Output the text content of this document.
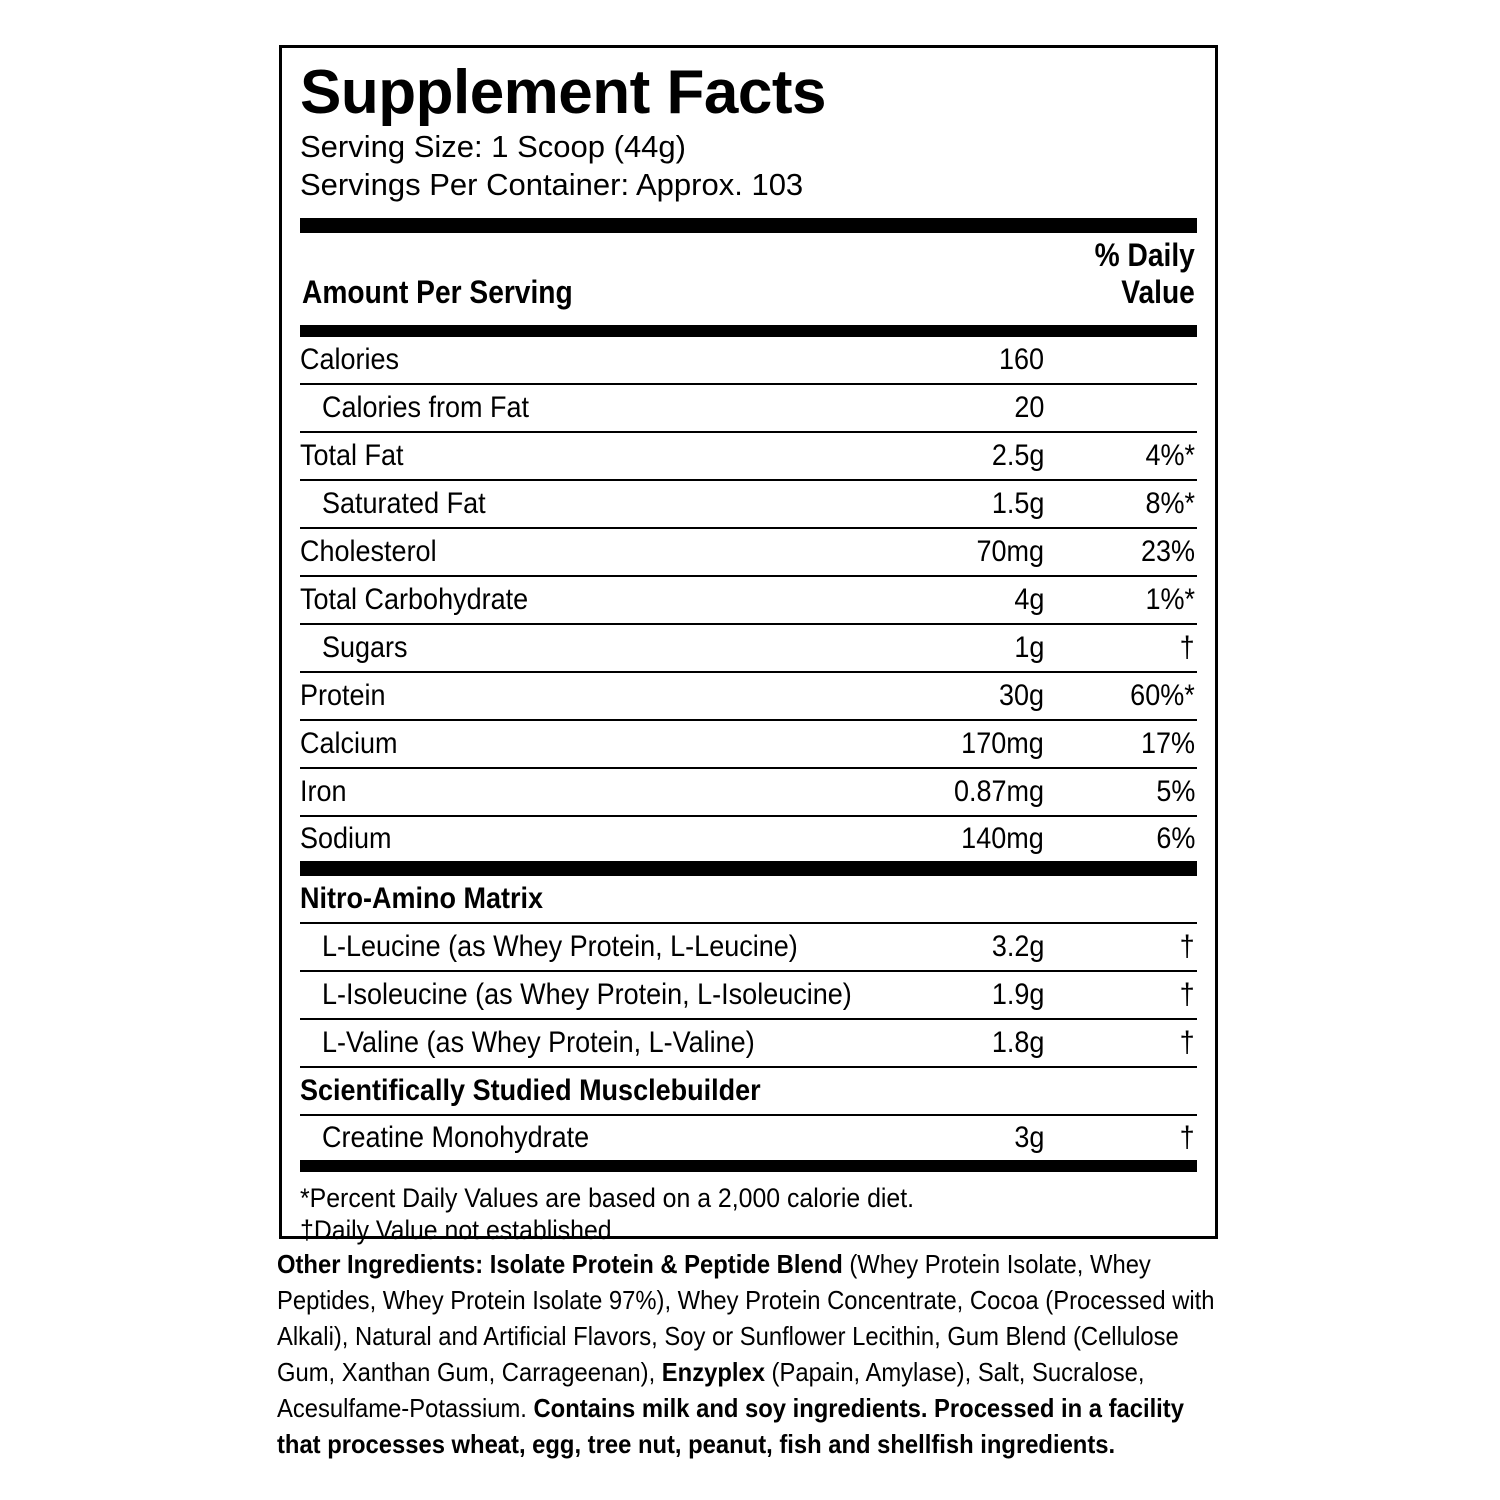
Supplement Facts
Serving Size: 1 Scoop (44g)
Servings Per Container: Approx. 103
Amount Per Serving
% Daily
Value
Calories	160
Calories from Fat	20
Total Fat	2.5g	4%*
Saturated Fat	1.5g	8%*
Cholesterol	70mg	23%
Total Carbohydrate	4g	1%*
Sugars	1g	†
Protein	30g	60%*
Calcium	170mg	17%
Iron	0.87mg	5%
Sodium	140mg	6%
Nitro-Amino Matrix
L-Leucine (as Whey Protein, L-Leucine)	3.2g	†
L-Isoleucine (as Whey Protein, L-Isoleucine)	1.9g	†
L-Valine (as Whey Protein, L-Valine)	1.8g	†
Scientifically Studied Musclebuilder
Creatine Monohydrate	3g	†
*Percent Daily Values are based on a 2,000 calorie diet.
†Daily Value not established.
Other Ingredients: Isolate Protein & Peptide Blend (Whey Protein Isolate, Whey
Peptides, Whey Protein Isolate 97%), Whey Protein Concentrate, Cocoa (Processed with
Alkali), Natural and Artificial Flavors, Soy or Sunflower Lecithin, Gum Blend (Cellulose
Gum, Xanthan Gum, Carrageenan), Enzyplex (Papain, Amylase), Salt, Sucralose,
Acesulfame-Potassium. Contains milk and soy ingredients. Processed in a facility
that processes wheat, egg, tree nut, peanut, fish and shellfish ingredients.
